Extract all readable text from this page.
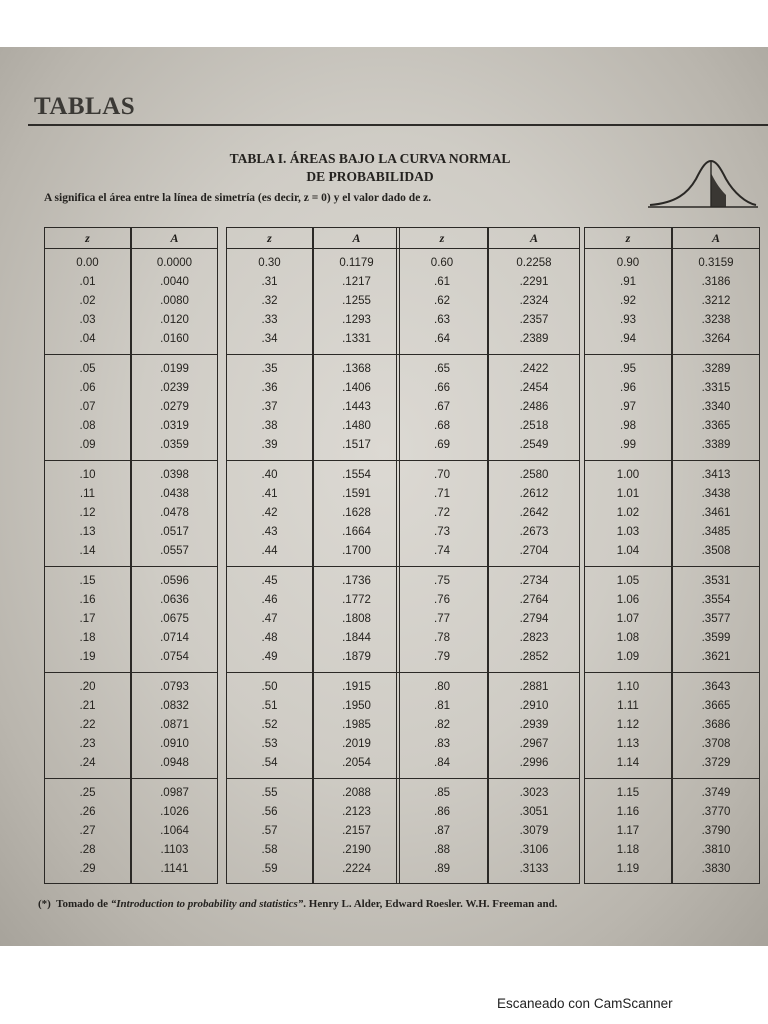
TABLAS
TABLA I. ÁREAS BAJO LA CURVA NORMAL
DE PROBABILIDAD
A significa el área entre la línea de simetría (es decir, z = 0) y el valor dado de z.
z	A
0.00	0.0000
.01	.0040
.02	.0080
.03	.0120
.04	.0160
.05	.0199
.06	.0239
.07	.0279
.08	.0319
.09	.0359
.10	.0398
.11	.0438
.12	.0478
.13	.0517
.14	.0557
.15	.0596
.16	.0636
.17	.0675
.18	.0714
.19	.0754
.20	.0793
.21	.0832
.22	.0871
.23	.0910
.24	.0948
.25	.0987
.26	.1026
.27	.1064
.28	.1103
.29	.1141
z	A
0.30	0.1179
.31	.1217
.32	.1255
.33	.1293
.34	.1331
.35	.1368
.36	.1406
.37	.1443
.38	.1480
.39	.1517
.40	.1554
.41	.1591
.42	.1628
.43	.1664
.44	.1700
.45	.1736
.46	.1772
.47	.1808
.48	.1844
.49	.1879
.50	.1915
.51	.1950
.52	.1985
.53	.2019
.54	.2054
.55	.2088
.56	.2123
.57	.2157
.58	.2190
.59	.2224
z	A
0.60	0.2258
.61	.2291
.62	.2324
.63	.2357
.64	.2389
.65	.2422
.66	.2454
.67	.2486
.68	.2518
.69	.2549
.70	.2580
.71	.2612
.72	.2642
.73	.2673
.74	.2704
.75	.2734
.76	.2764
.77	.2794
.78	.2823
.79	.2852
.80	.2881
.81	.2910
.82	.2939
.83	.2967
.84	.2996
.85	.3023
.86	.3051
.87	.3079
.88	.3106
.89	.3133
z	A
0.90	0.3159
.91	.3186
.92	.3212
.93	.3238
.94	.3264
.95	.3289
.96	.3315
.97	.3340
.98	.3365
.99	.3389
1.00	.3413
1.01	.3438
1.02	.3461
1.03	.3485
1.04	.3508
1.05	.3531
1.06	.3554
1.07	.3577
1.08	.3599
1.09	.3621
1.10	.3643
1.11	.3665
1.12	.3686
1.13	.3708
1.14	.3729
1.15	.3749
1.16	.3770
1.17	.3790
1.18	.3810
1.19	.3830
(*) Tomado de “Introduction to probability and statistics”. Henry L. Alder, Edward Roesler. W.H. Freeman and.
Escaneado con CamScanner
